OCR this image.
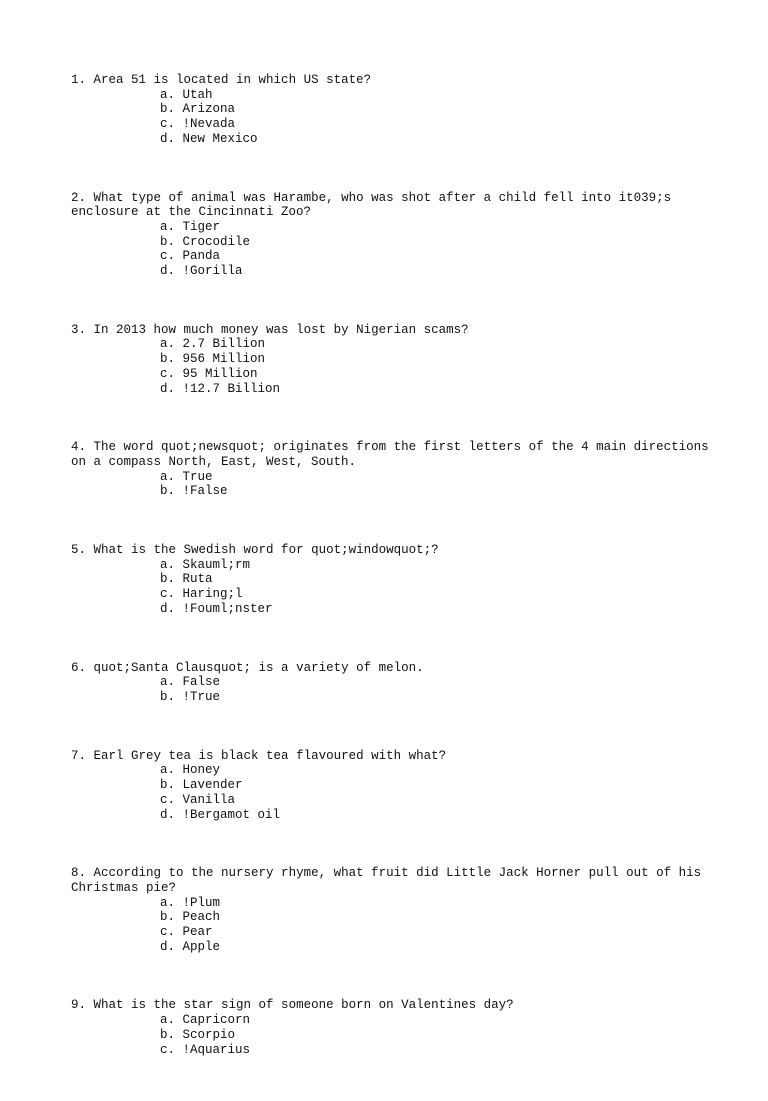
1. Area 51 is located in which US state?
a. Utah
b. Arizona
c. !Nevada
d. New Mexico
2. What type of animal was Harambe, who was shot after a child fell into it039;s enclosure at the Cincinnati Zoo?
a. Tiger
b. Crocodile
c. Panda
d. !Gorilla
3. In 2013 how much money was lost by Nigerian scams?
a. 2.7 Billion
b. 956 Million
c. 95 Million
d. !12.7 Billion
4. The word quot;newsquot; originates from the first letters of the 4 main directions on a compass North, East, West, South.
a. True
b. !False
5. What is the Swedish word for quot;windowquot;?
a. Skauml;rm
b. Ruta
c. Haring;l
d. !Fouml;nster
6. quot;Santa Clausquot; is a variety of melon.
a. False
b. !True
7. Earl Grey tea is black tea flavoured with what?
a. Honey
b. Lavender
c. Vanilla
d. !Bergamot oil
8. According to the nursery rhyme, what fruit did Little Jack Horner pull out of his Christmas pie?
a. !Plum
b. Peach
c. Pear
d. Apple
9. What is the star sign of someone born on Valentines day?
a. Capricorn
b. Scorpio
c. !Aquarius
